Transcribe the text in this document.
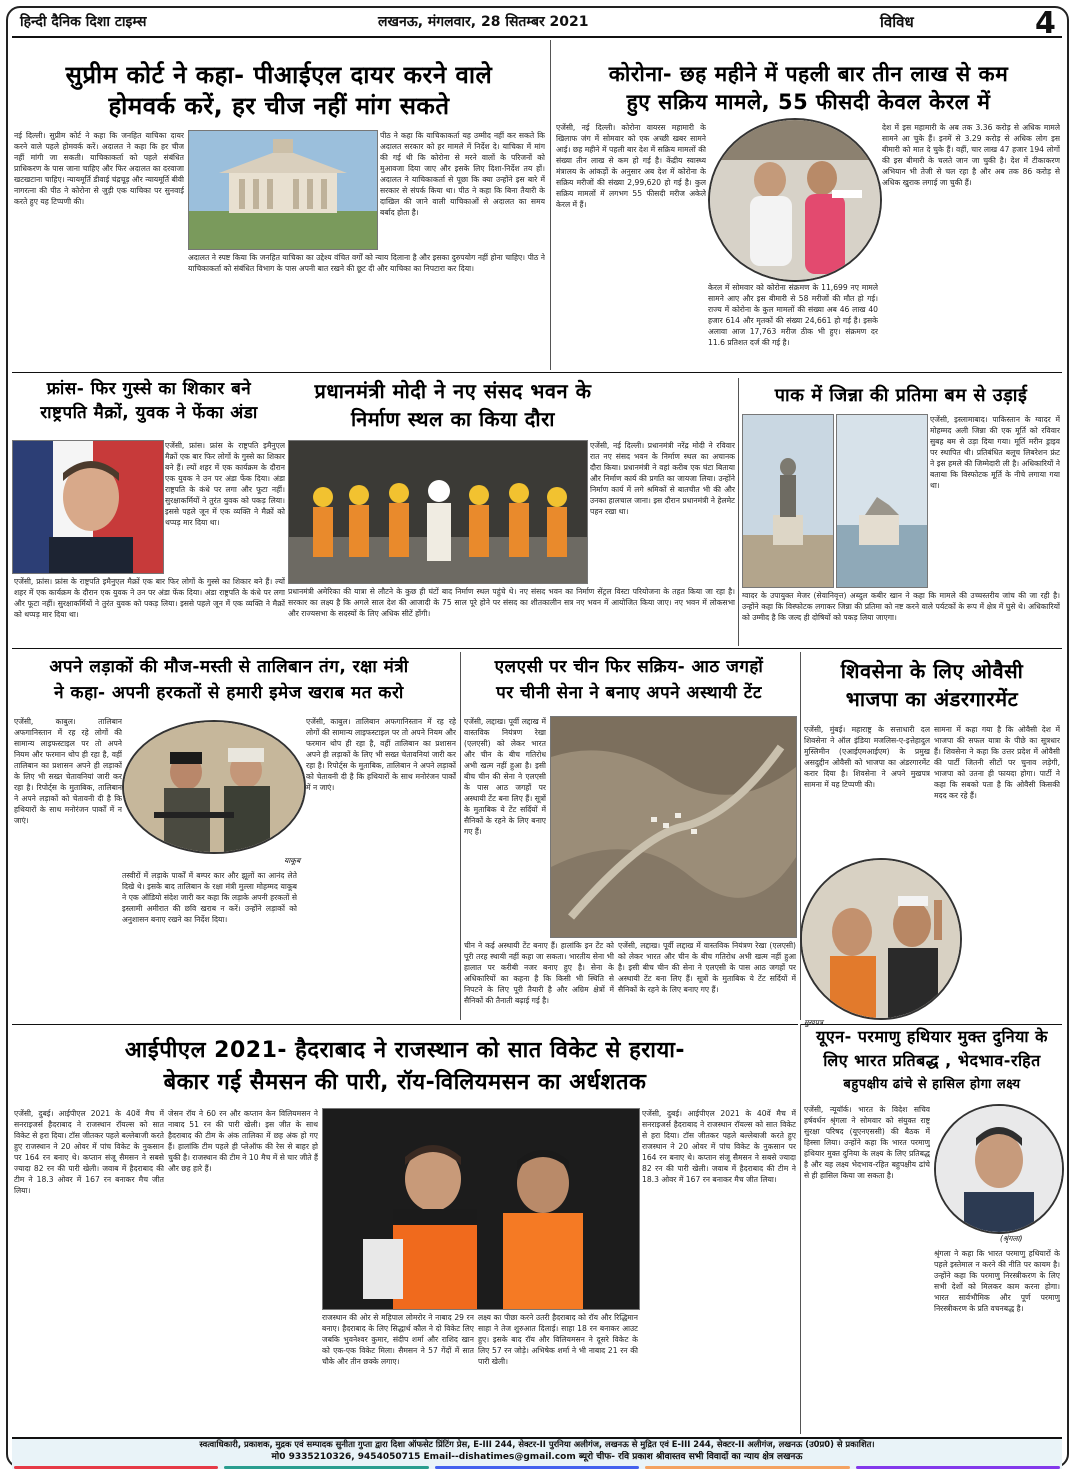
हिन्दी दैनिक दिशा टाइम्स	लखनऊ, मंगलवार, 28 सितम्बर 2021	विविध	4
सुप्रीम कोर्ट ने कहा- पीआईएल दायर करने वाले
होमवर्क करें, हर चीज नहीं मांग सकते
नई दिल्ली। सुप्रीम कोर्ट ने कहा कि जनहित याचिका दायर करने वाले पहले होमवर्क करें। अदालत ने कहा कि हर चीज नहीं मांगी जा सकती। याचिकाकर्ता को पहले संबंधित प्राधिकरण के पास जाना चाहिए और फिर अदालत का दरवाजा खटखटाना चाहिए। न्यायमूर्ति डीवाई चंद्रचूड़ और न्यायमूर्ति बीवी नागरत्ना की पीठ ने कोरोना से जुड़ी एक याचिका पर सुनवाई करते हुए यह टिप्पणी की।
पीठ ने कहा कि याचिकाकर्ता यह उम्मीद नहीं कर सकते कि अदालत सरकार को हर मामले में निर्देश दे। याचिका में मांग की गई थी कि कोरोना से मरने वालों के परिजनों को मुआवजा दिया जाए और इसके लिए दिशा-निर्देश तय हों। अदालत ने याचिकाकर्ता से पूछा कि क्या उन्होंने इस बारे में सरकार से संपर्क किया था। पीठ ने कहा कि बिना तैयारी के दाखिल की जाने वाली याचिकाओं से अदालत का समय बर्बाद होता है।
अदालत ने स्पष्ट किया कि जनहित याचिका का उद्देश्य वंचित वर्गों को न्याय दिलाना है और इसका दुरुपयोग नहीं होना चाहिए। पीठ ने याचिकाकर्ता को संबंधित विभाग के पास अपनी बात रखने की छूट दी और याचिका का निपटारा कर दिया।
कोरोना- छह महीने में पहली बार तीन लाख से कम
हुए सक्रिय मामले, 55 फीसदी केवल केरल में
एजेंसी, नई दिल्ली। कोरोना वायरस महामारी के खिलाफ जंग में सोमवार को एक अच्छी खबर सामने आई। छह महीने में पहली बार देश में सक्रिय मामलों की संख्या तीन लाख से कम हो गई है। केंद्रीय स्वास्थ्य मंत्रालय के आंकड़ों के अनुसार अब देश में कोरोना के सक्रिय मरीजों की संख्या 2,99,620 हो गई है। कुल सक्रिय मामलों में लगभग 55 फीसदी मरीज अकेले केरल में हैं।
केरल में सोमवार को कोरोना संक्रमण के 11,699 नए मामले सामने आए और इस बीमारी से 58 मरीजों की मौत हो गई। राज्य में कोरोना के कुल मामलों की संख्या अब 46 लाख 40 हजार 614 और मृतकों की संख्या 24,661 हो गई है। इसके अलावा आज 17,763 मरीज ठीक भी हुए। संक्रमण दर 11.6 प्रतिशत दर्ज की गई है।
देश में इस महामारी के अब तक 3.36 करोड़ से अधिक मामले सामने आ चुके हैं। इनमें से 3.29 करोड़ से अधिक लोग इस बीमारी को मात दे चुके हैं। वहीं, चार लाख 47 हजार 194 लोगों की इस बीमारी के चलते जान जा चुकी है। देश में टीकाकरण अभियान भी तेजी से चल रहा है और अब तक 86 करोड़ से अधिक खुराक लगाई जा चुकी हैं।
फ्रांस- फिर गुस्से का शिकार बने
राष्ट्रपति मैक्रों, युवक ने फेंका अंडा
एजेंसी, फ्रांस। फ्रांस के राष्ट्रपति इमैनुएल मैक्रों एक बार फिर लोगों के गुस्से का शिकार बने हैं। ल्यों शहर में एक कार्यक्रम के दौरान एक युवक ने उन पर अंडा फेंक दिया। अंडा राष्ट्रपति के कंधे पर लगा और फूटा नहीं। सुरक्षाकर्मियों ने तुरंत युवक को पकड़ लिया। इससे पहले जून में एक व्यक्ति ने मैक्रों को थप्पड़ मार दिया था।
एजेंसी, फ्रांस। फ्रांस के राष्ट्रपति इमैनुएल मैक्रों एक बार फिर लोगों के गुस्से का शिकार बने हैं। ल्यों शहर में एक कार्यक्रम के दौरान एक युवक ने उन पर अंडा फेंक दिया। अंडा राष्ट्रपति के कंधे पर लगा और फूटा नहीं। सुरक्षाकर्मियों ने तुरंत युवक को पकड़ लिया। इससे पहले जून में एक व्यक्ति ने मैक्रों को थप्पड़ मार दिया था।
प्रधानमंत्री मोदी ने नए संसद भवन के
निर्माण स्थल का किया दौरा
एजेंसी, नई दिल्ली। प्रधानमंत्री नरेंद्र मोदी ने रविवार रात नए संसद भवन के निर्माण स्थल का अचानक दौरा किया। प्रधानमंत्री ने वहां करीब एक घंटा बिताया और निर्माण कार्य की प्रगति का जायजा लिया। उन्होंने निर्माण कार्य में लगे श्रमिकों से बातचीत भी की और उनका हालचाल जाना। इस दौरान प्रधानमंत्री ने हेलमेट पहन रखा था।
प्रधानमंत्री अमेरिका की यात्रा से लौटने के कुछ ही घंटों बाद निर्माण स्थल पहुंचे थे। नए संसद भवन का निर्माण सेंट्रल विस्टा परियोजना के तहत किया जा रहा है। सरकार का लक्ष्य है कि अगले साल देश की आजादी के 75 साल पूरे होने पर संसद का शीतकालीन सत्र नए भवन में आयोजित किया जाए। नए भवन में लोकसभा और राज्यसभा के सदस्यों के लिए अधिक सीटें होंगी।
पाक में जिन्ना की प्रतिमा बम से उड़ाई
एजेंसी, इस्लामाबाद। पाकिस्तान के ग्वादर में मोहम्मद अली जिन्ना की एक मूर्ति को रविवार सुबह बम से उड़ा दिया गया। मूर्ति मरीन ड्राइव पर स्थापित थी। प्रतिबंधित बलूच लिबरेशन फ्रंट ने इस हमले की जिम्मेदारी ली है। अधिकारियों ने बताया कि विस्फोटक मूर्ति के नीचे लगाया गया था।
ग्वादर के उपायुक्त मेजर (सेवानिवृत्त) अब्दुल कबीर खान ने कहा कि मामले की उच्चस्तरीय जांच की जा रही है। उन्होंने कहा कि विस्फोटक लगाकर जिन्ना की प्रतिमा को नष्ट करने वाले पर्यटकों के रूप में क्षेत्र में घुसे थे। अधिकारियों को उम्मीद है कि जल्द ही दोषियों को पकड़ लिया जाएगा।
अपने लड़ाकों की मौज-मस्ती से तालिबान तंग, रक्षा मंत्री
ने कहा- अपनी हरकतों से हमारी इमेज खराब मत करो
एजेंसी, काबुल। तालिबान अफगानिस्तान में रह रहे लोगों की सामान्य लाइफस्टाइल पर तो अपने नियम और फरमान थोप ही रहा है, वहीं तालिबान का प्रशासन अपने ही लड़ाकों के लिए भी सख्त चेतावनियां जारी कर रहा है। रिपोर्ट्स के मुताबिक, तालिबान ने अपने लड़ाकों को चेतावनी दी है कि हथियारों के साथ मनोरंजन पार्कों में न जाएं।
याकूब
तस्वीरों में लड़ाके पार्कों में बम्पर कार और झूलों का आनंद लेते दिखे थे। इसके बाद तालिबान के रक्षा मंत्री मुल्ला मोहम्मद याकूब ने एक ऑडियो संदेश जारी कर कहा कि लड़ाके अपनी हरकतों से इस्लामी अमीरात की छवि खराब न करें। उन्होंने लड़ाकों को अनुशासन बनाए रखने का निर्देश दिया।
एजेंसी, काबुल। तालिबान अफगानिस्तान में रह रहे लोगों की सामान्य लाइफस्टाइल पर तो अपने नियम और फरमान थोप ही रहा है, वहीं तालिबान का प्रशासन अपने ही लड़ाकों के लिए भी सख्त चेतावनियां जारी कर रहा है। रिपोर्ट्स के मुताबिक, तालिबान ने अपने लड़ाकों को चेतावनी दी है कि हथियारों के साथ मनोरंजन पार्कों में न जाएं।
एलएसी पर चीन फिर सक्रिय- आठ जगहों
पर चीनी सेना ने बनाए अपने अस्थायी टेंट
एजेंसी, लद्दाख। पूर्वी लद्दाख में वास्तविक नियंत्रण रेखा (एलएसी) को लेकर भारत और चीन के बीच गतिरोध अभी खत्म नहीं हुआ है। इसी बीच चीन की सेना ने एलएसी के पास आठ जगहों पर अस्थायी टेंट बना लिए हैं। सूत्रों के मुताबिक ये टेंट सर्दियों में सैनिकों के रहने के लिए बनाए गए हैं।
चीन ने कई अस्थायी टेंट बनाए हैं। हालांकि इन टेंट को पूरी तरह स्थायी नहीं कहा जा सकता। भारतीय सेना भी हालात पर करीबी नजर बनाए हुए है। सेना के अधिकारियों का कहना है कि किसी भी स्थिति से निपटने के लिए पूरी तैयारी है और अग्रिम क्षेत्रों में सैनिकों की तैनाती बढ़ाई गई है।
एजेंसी, लद्दाख। पूर्वी लद्दाख में वास्तविक नियंत्रण रेखा (एलएसी) को लेकर भारत और चीन के बीच गतिरोध अभी खत्म नहीं हुआ है। इसी बीच चीन की सेना ने एलएसी के पास आठ जगहों पर अस्थायी टेंट बना लिए हैं। सूत्रों के मुताबिक ये टेंट सर्दियों में सैनिकों के रहने के लिए बनाए गए हैं।
शिवसेना के लिए ओवैसी
भाजपा का अंडरगारमेंट
एजेंसी, मुंबई। महाराष्ट्र के सत्ताधारी दल शिवसेना ने ऑल इंडिया मजलिस-ए-इत्तेहादुल मुस्लिमीन (एआईएमआईएम) के प्रमुख असदुद्दीन ओवैसी को भाजपा का अंडरगारमेंट करार दिया है। शिवसेना ने अपने मुखपत्र सामना में यह टिप्पणी की।
सामना में कहा गया है कि ओवैसी देश में भाजपा की सफल यात्रा के पीछे का सूत्रधार हैं। शिवसेना ने कहा कि उत्तर प्रदेश में ओवैसी की पार्टी जितनी सीटों पर चुनाव लड़ेगी, भाजपा को उतना ही फायदा होगा। पार्टी ने कहा कि सबको पता है कि ओवैसी किसकी मदद कर रहे हैं।
मुखपत्र
यूएन- परमाणु हथियार मुक्त दुनिया के
लिए भारत प्रतिबद्ध , भेदभाव-रहित
बहुपक्षीय ढांचे से हासिल होगा लक्ष्य
एजेंसी, न्यूयॉर्क। भारत के विदेश सचिव हर्षवर्धन श्रृंगला ने सोमवार को संयुक्त राष्ट्र सुरक्षा परिषद (यूएनएससी) की बैठक में हिस्सा लिया। उन्होंने कहा कि भारत परमाणु हथियार मुक्त दुनिया के लक्ष्य के लिए प्रतिबद्ध है और यह लक्ष्य भेदभाव-रहित बहुपक्षीय ढांचे से ही हासिल किया जा सकता है।
(श्रृंगला)
श्रृंगला ने कहा कि भारत परमाणु हथियारों के पहले इस्तेमाल न करने की नीति पर कायम है। उन्होंने कहा कि परमाणु निरस्त्रीकरण के लिए सभी देशों को मिलकर काम करना होगा। भारत सार्वभौमिक और पूर्ण परमाणु निरस्त्रीकरण के प्रति वचनबद्ध है।
आईपीएल 2021- हैदराबाद ने राजस्थान को सात विकेट से हराया-
बेकार गई सैमसन की पारी, रॉय-विलियमसन का अर्धशतक
एजेंसी, दुबई। आईपीएल 2021 के 40वें मैच में सनराइजर्स हैदराबाद ने राजस्थान रॉयल्स को सात विकेट से हरा दिया। टॉस जीतकर पहले बल्लेबाजी करते हुए राजस्थान ने 20 ओवर में पांच विकेट के नुकसान पर 164 रन बनाए थे। कप्तान संजू सैमसन ने सबसे ज्यादा 82 रन की पारी खेली। जवाब में हैदराबाद की टीम ने 18.3 ओवर में 167 रन बनाकर मैच जीत लिया।
जेसन रॉय ने 60 रन और कप्तान केन विलियमसन ने नाबाद 51 रन की पारी खेली। इस जीत के साथ हैदराबाद की टीम के अंक तालिका में छह अंक हो गए हैं। हालांकि टीम पहले ही प्लेऑफ की रेस से बाहर हो चुकी है। राजस्थान की टीम ने 10 मैच में से चार जीते हैं और छह हारे हैं।
राजस्थान की ओर से महिपाल लोमरोर ने नाबाद 29 रन बनाए। हैदराबाद के लिए सिद्धार्थ कौल ने दो विकेट लिए जबकि भुवनेश्वर कुमार, संदीप शर्मा और राशिद खान को एक-एक विकेट मिला। सैमसन ने 57 गेंदों में सात चौके और तीन छक्के लगाए।
लक्ष्य का पीछा करने उतरी हैदराबाद को रॉय और रिद्धिमान साहा ने तेज शुरुआत दिलाई। साहा 18 रन बनाकर आउट हुए। इसके बाद रॉय और विलियमसन ने दूसरे विकेट के लिए 57 रन जोड़े। अभिषेक शर्मा ने भी नाबाद 21 रन की पारी खेली।
एजेंसी, दुबई। आईपीएल 2021 के 40वें मैच में सनराइजर्स हैदराबाद ने राजस्थान रॉयल्स को सात विकेट से हरा दिया। टॉस जीतकर पहले बल्लेबाजी करते हुए राजस्थान ने 20 ओवर में पांच विकेट के नुकसान पर 164 रन बनाए थे। कप्तान संजू सैमसन ने सबसे ज्यादा 82 रन की पारी खेली। जवाब में हैदराबाद की टीम ने 18.3 ओवर में 167 रन बनाकर मैच जीत लिया।
स्वत्वाधिकारी, प्रकाशक, मुद्रक एवं सम्पादक सुनीता गुप्ता द्वारा दिशा ऑफसेट प्रिंटिंग प्रेस, E-III 244, सेक्टर-II पुरनिया अलीगंज, लखनऊ से मुद्रित एवं E-III 244, सेक्टर-II अलीगंज, लखनऊ (उ0प्र0) से प्रकाशित।
मो0 9335210326, 9454050715 Email--dishatimes@gmail.com ब्यूरो चीफ- रवि प्रकाश श्रीवास्तव सभी विवादों का न्याय क्षेत्र लखनऊ
